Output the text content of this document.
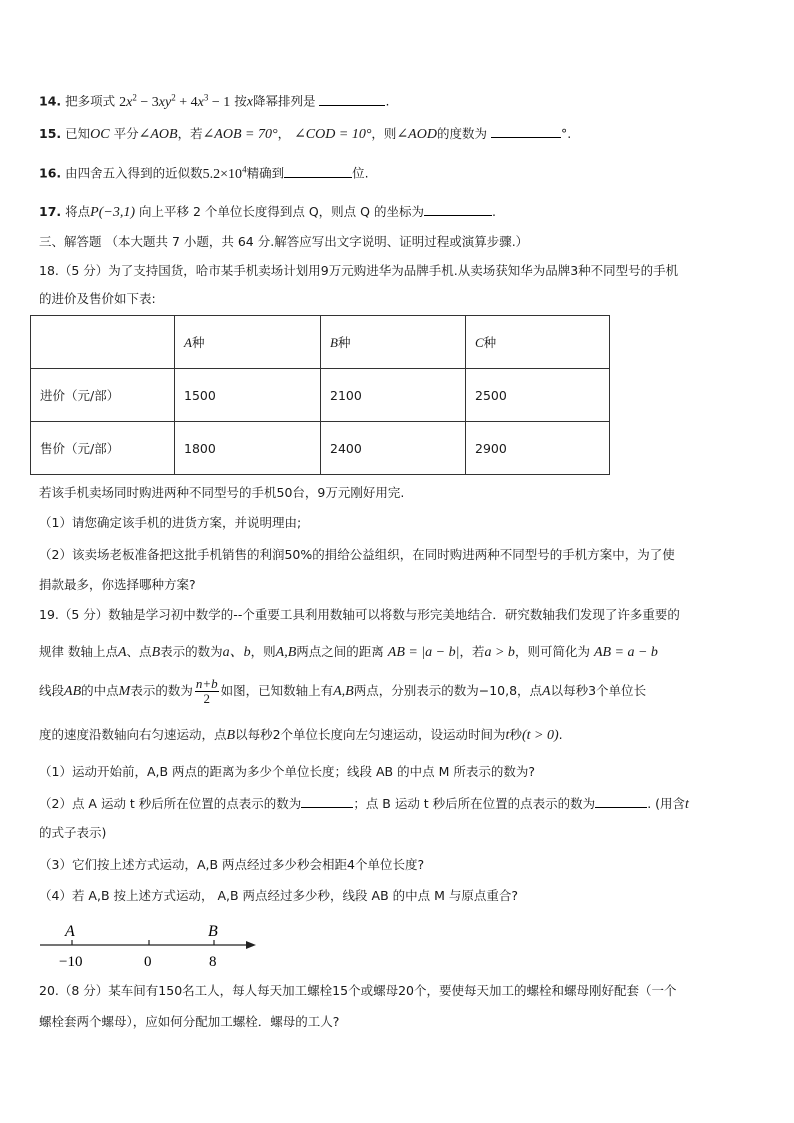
14. 把多项式 $2x^2 - 3xy^2 + 4x^3 - 1$ 按x降幂排列是	.
15. 已知OC 平分∠AOB，若∠AOB = 70°， ∠COD = 10°，则∠AOD的度数为	°.
16. 由四舍五入得到的近似数$5.2\times 10^4$精确到	位.
17. 将点P(−3,1) 向上平移 2 个单位长度得到点 Q，则点 Q 的坐标为	.
三、解答题 （本大题共 7 小题，共 64 分.解答应写出文字说明、证明过程或演算步骤.）
18.（5 分）为了支持国货，哈市某手机卖场计划用9万元购进华为品牌手机.从卖场获知华为品牌3种不同型号的手机
的进价及售价如下表:
	A种	B种	C种
进价（元/部）	1500	2100	2500
售价（元/部）	1800	2400	2900
若该手机卖场同时购进两种不同型号的手机50台，9万元刚好用完.
（1）请您确定该手机的进货方案，并说明理由;
（2）该卖场老板准备把这批手机销售的利润50%的捐给公益组织，在同时购进两种不同型号的手机方案中，为了使
捐款最多，你选择哪种方案?
19.（5 分）数轴是学习初中数学的--个重要工具利用数轴可以将数与形完美地结合．研究数轴我们发现了许多重要的
规律 数轴上点A、点B表示的数为a、b，则A,B两点之间的距离 AB = |a − b|，若a > b，则可简化为 AB = a − b
线段AB的中点M表示的数为 $\frac{n+b}{2}$ 如图，已知数轴上有A,B两点，分别表示的数为−10,8，点A以每秒3个单位长
度的速度沿数轴向右匀速运动，点B以每秒2个单位长度向左匀速运动，设运动时间为t秒(t > 0).
（1）运动开始前，A,B 两点的距离为多少个单位长度；线段 AB 的中点 M 所表示的数为?
（2）点 A 运动 t 秒后所在位置的点表示的数为	；点 B 运动 t 秒后所在位置的点表示的数为	. (用含t
的式子表示)
（3）它们按上述方式运动，A,B 两点经过多少秒会相距4个单位长度?
（4）若 A,B 按上述方式运动， A,B 两点经过多少秒，线段 AB 的中点 M 与原点重合?
A	B
−10	0	8
20.（8 分）某车间有150名工人，每人每天加工螺栓15个或螺母20个，要使每天加工的螺栓和螺母刚好配套（一个
螺栓套两个螺母），应如何分配加工螺栓．螺母的工人?
